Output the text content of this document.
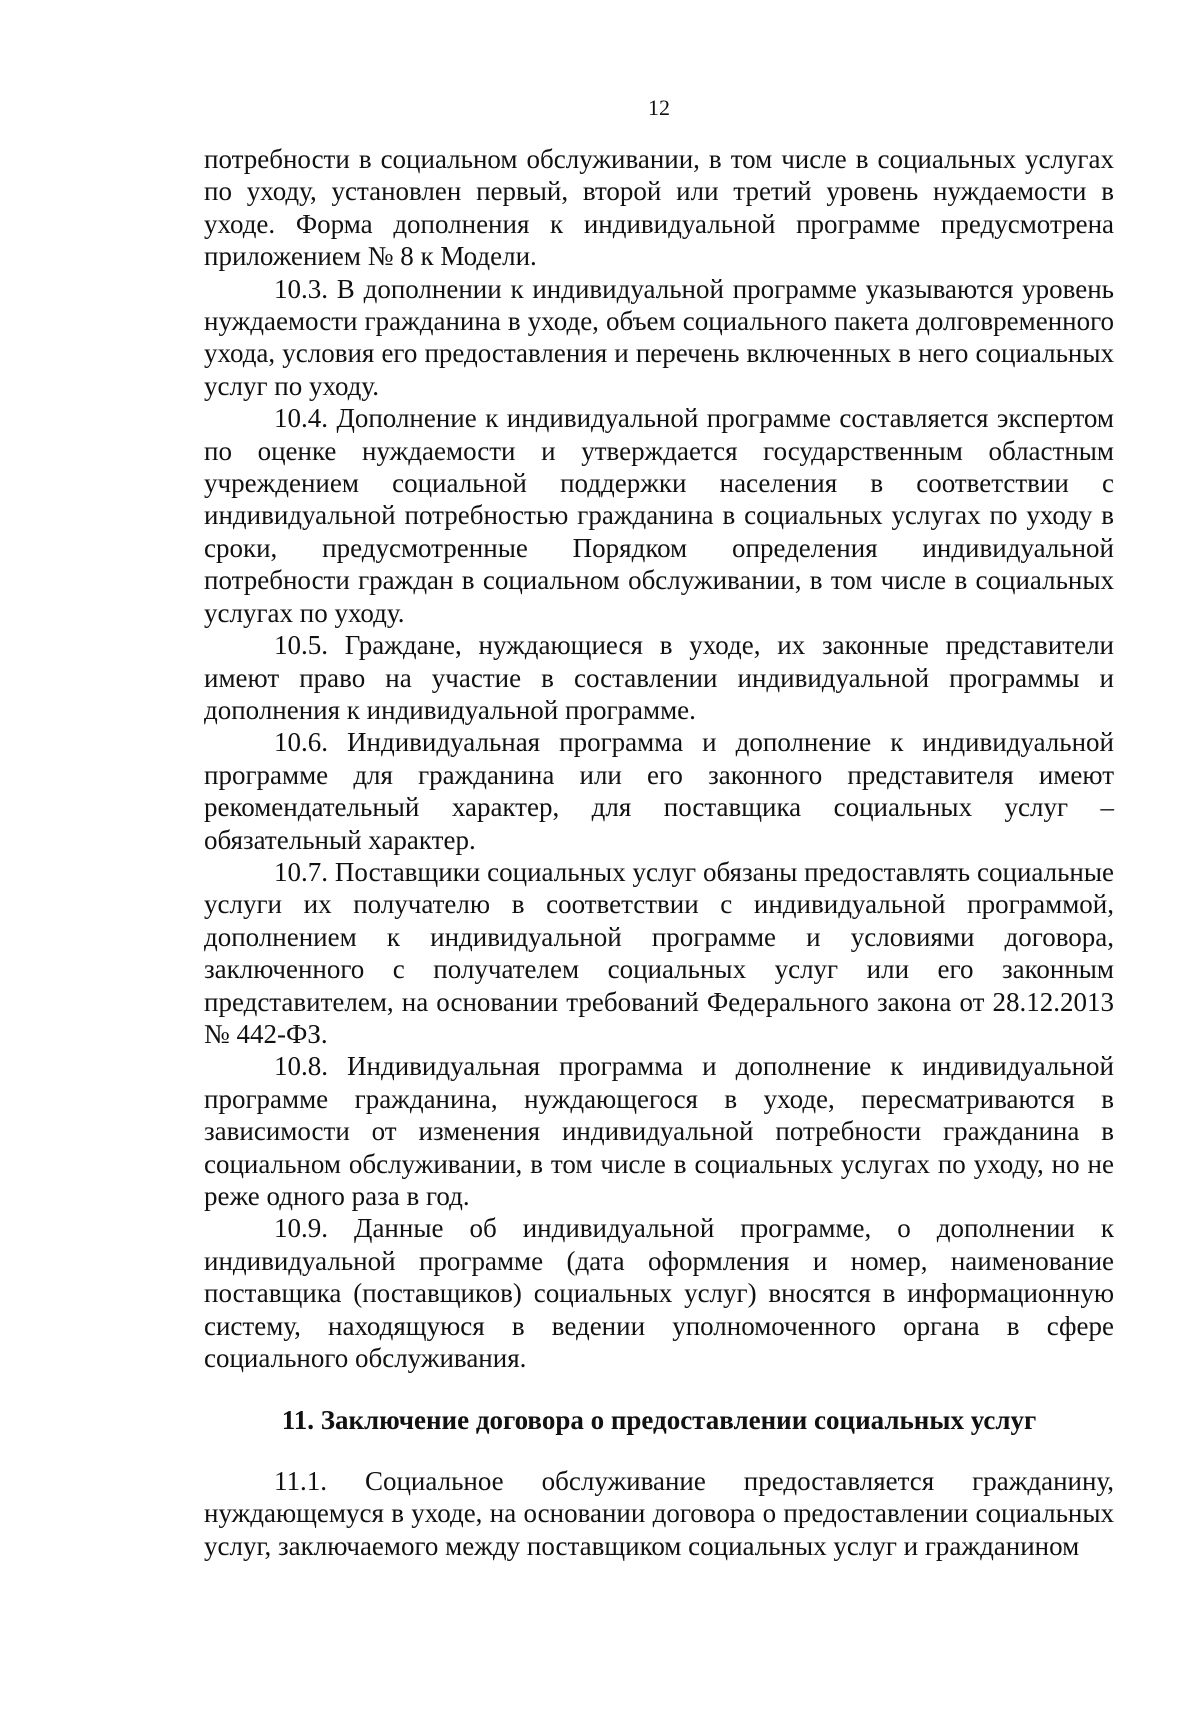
12

потребности в социальном обслуживании, в том числе в социальных услугах по уходу, установлен первый, второй или третий уровень нуждаемости в уходе. Форма дополнения к индивидуальной программе предусмотрена приложением № 8 к Модели.

10.3. В дополнении к индивидуальной программе указываются уровень нуждаемости гражданина в уходе, объем социального пакета долговременного ухода, условия его предоставления и перечень включенных в него социальных услуг по уходу.

10.4. Дополнение к индивидуальной программе составляется экспертом по оценке нуждаемости и утверждается государственным областным учреждением социальной поддержки населения в соответствии с индивидуальной потребностью гражданина в социальных услугах по уходу в сроки, предусмотренные Порядком определения индивидуальной потребности граждан в социальном обслуживании, в том числе в социальных услугах по уходу.

10.5. Граждане, нуждающиеся в уходе, их законные представители имеют право на участие в составлении индивидуальной программы и дополнения к индивидуальной программе.

10.6. Индивидуальная программа и дополнение к индивидуальной программе для гражданина или его законного представителя имеют рекомендательный характер, для поставщика социальных услуг – обязательный характер.

10.7. Поставщики социальных услуг обязаны предоставлять социальные услуги их получателю в соответствии с индивидуальной программой, дополнением к индивидуальной программе и условиями договора, заключенного с получателем социальных услуг или его законным представителем, на основании требований Федерального закона от 28.12.2013 № 442-ФЗ.

10.8. Индивидуальная программа и дополнение к индивидуальной программе гражданина, нуждающегося в уходе, пересматриваются в зависимости от изменения индивидуальной потребности гражданина в социальном обслуживании, в том числе в социальных услугах по уходу, но не реже одного раза в год.

10.9. Данные об индивидуальной программе, о дополнении к индивидуальной программе (дата оформления и номер, наименование поставщика (поставщиков) социальных услуг) вносятся в информационную систему, находящуюся в ведении уполномоченного органа в сфере социального обслуживания.

11. Заключение договора о предоставлении социальных услуг

11.1. Социальное обслуживание предоставляется гражданину, нуждающемуся в уходе, на основании договора о предоставлении социальных услуг, заключаемого между поставщиком социальных услуг и гражданином
